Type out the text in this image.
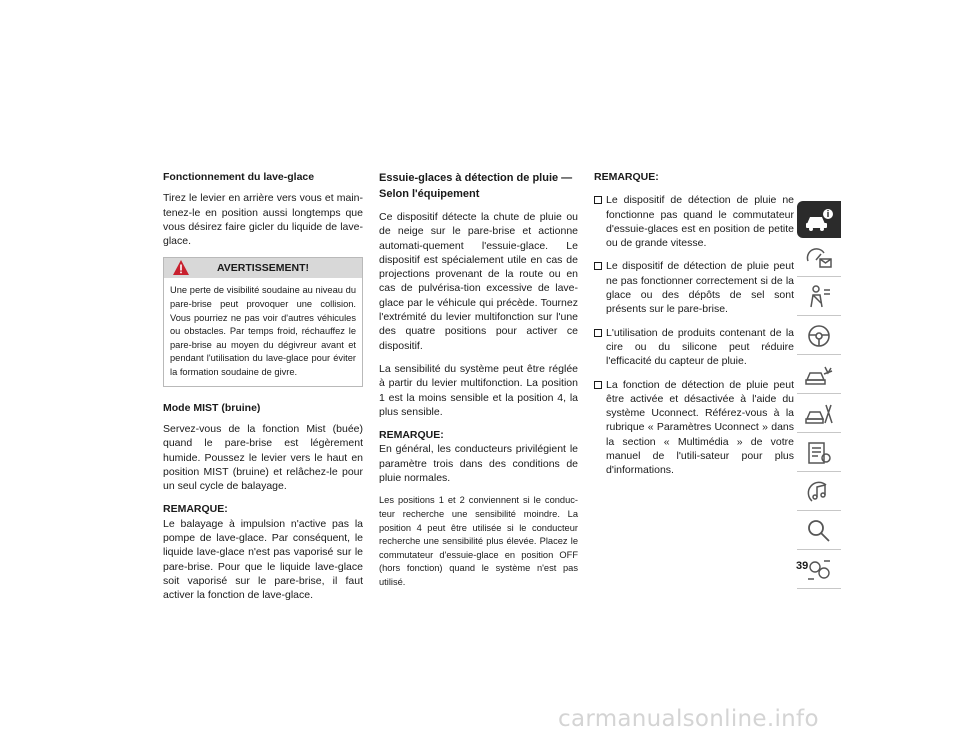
Fonctionnement du lave-glace

Tirez le levier en arrière vers vous et main-tenez-le en position aussi longtemps que vous désirez faire gicler du liquide de lave-glace.

AVERTISSEMENT!
Une perte de visibilité soudaine au niveau du pare-brise peut provoquer une collision. Vous pourriez ne pas voir d'autres véhicules ou obstacles. Par temps froid, réchauffez le pare-brise au moyen du dégivreur avant et pendant l'utilisation du lave-glace pour éviter la formation soudaine de givre.
Mode MIST (bruine)

Servez-vous de la fonction Mist (buée) quand le pare-brise est légèrement humide. Poussez le levier vers le haut en position MIST (bruine) et relâchez-le pour un seul cycle de balayage.

REMARQUE:

Le balayage à impulsion n'active pas la pompe de lave-glace. Par conséquent, le liquide lave-glace n'est pas vaporisé sur le pare-brise. Pour que le liquide lave-glace soit vaporisé sur le pare-brise, il faut activer la fonction de lave-glace.

Essuie-glaces à détection de pluie — Selon l'équipement

Ce dispositif détecte la chute de pluie ou de neige sur le pare-brise et actionne automati-quement l'essuie-glace. Le dispositif est spécialement utile en cas de projections provenant de la route ou en cas de pulvérisa-tion excessive de lave-glace par le véhicule qui précède. Tournez l'extrémité du levier multifonction sur l'une des quatre positions pour activer ce dispositif.

La sensibilité du système peut être réglée à partir du levier multifonction. La position 1 est la moins sensible et la position 4, la plus sensible.

REMARQUE:

En général, les conducteurs privilégient le paramètre trois dans des conditions de pluie normales.

Les positions 1 et 2 conviennent si le conduc-teur recherche une sensibilité moindre. La position 4 peut être utilisée si le conducteur recherche une sensibilité plus élevée. Placez le commutateur d'essuie-glace en position OFF (hors fonction) quand le système n'est pas utilisé.

REMARQUE:
Le dispositif de détection de pluie ne fonctionne pas quand le commutateur d'essuie-glaces est en position de petite ou de grande vitesse.
Le dispositif de détection de pluie peut ne pas fonctionner correctement si de la glace ou des dépôts de sel sont présents sur le pare-brise.
L'utilisation de produits contenant de la cire ou du silicone peut réduire l'efficacité du capteur de pluie.
La fonction de détection de pluie peut être activée et désactivée à l'aide du système Uconnect. Référez-vous à la rubrique « Paramètres Uconnect » dans la section « Multimédia » de votre manuel de l'utili-sateur pour plus d'informations.
39
carmanualsonline.info
